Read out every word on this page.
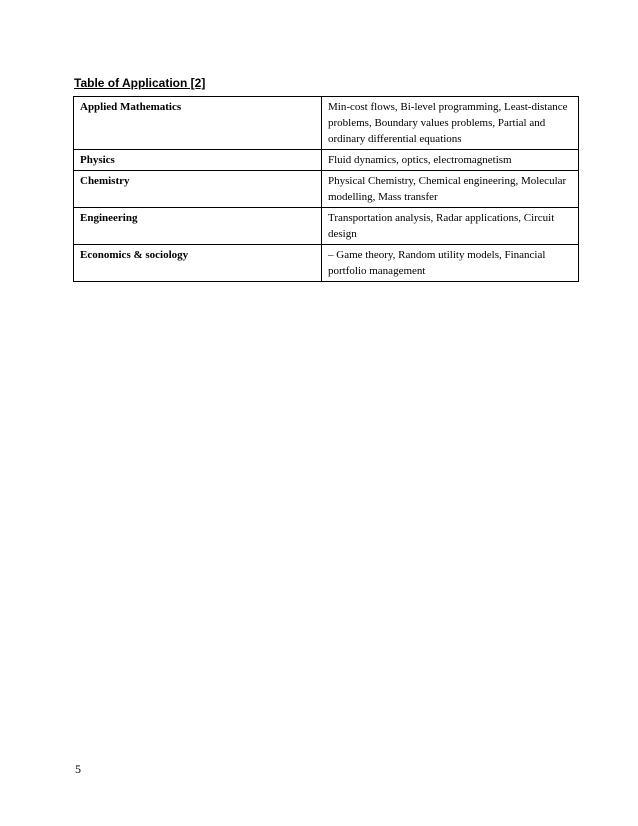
Table of Application [2]
Applied Mathematics	Min-cost flows, Bi-level programming, Least-distance problems, Boundary values problems, Partial and ordinary differential equations
Physics	Fluid dynamics, optics, electromagnetism
Chemistry	Physical Chemistry, Chemical engineering, Molecular modelling, Mass transfer
Engineering	Transportation analysis, Radar applications, Circuit design
Economics & sociology	– Game theory, Random utility models, Financial portfolio management
5
